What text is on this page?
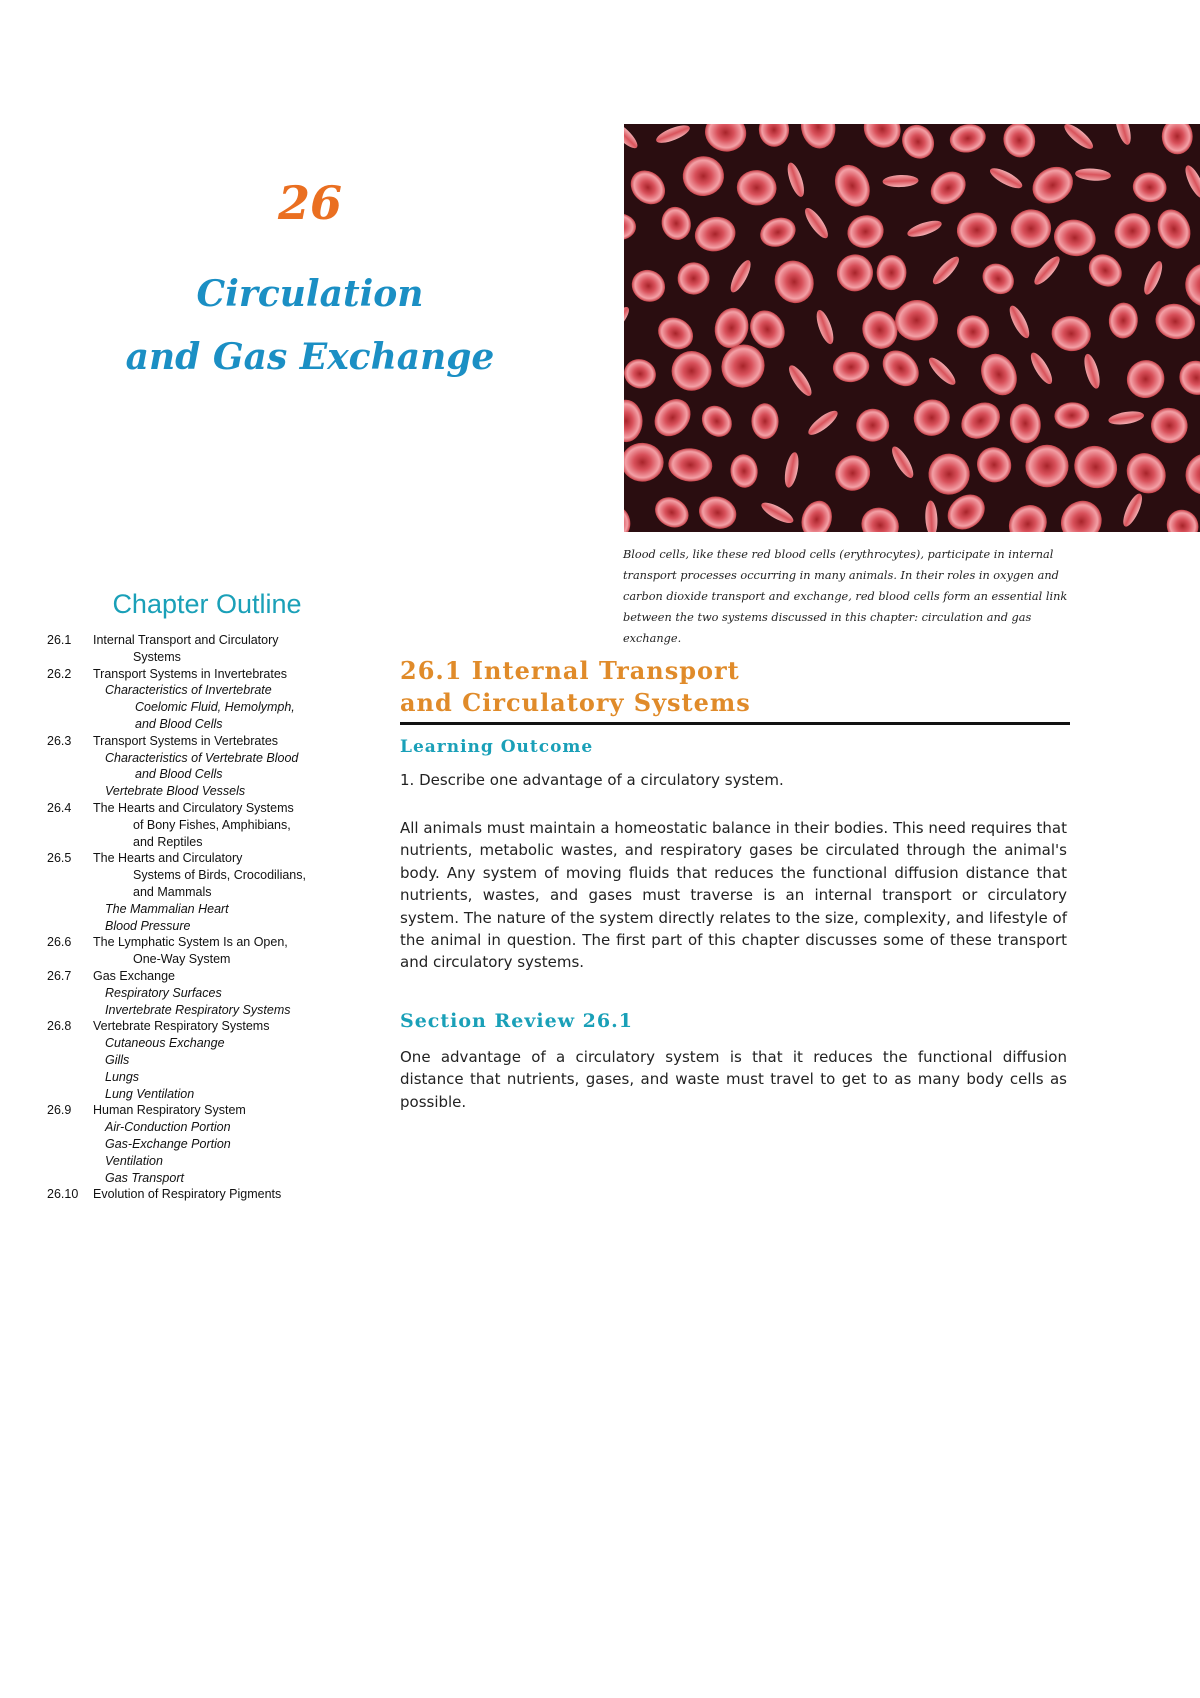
26
Circulation
and Gas Exchange

Blood cells, like these red blood cells (erythrocytes), participate in internal transport processes occurring in many animals. In their roles in oxygen and carbon dioxide transport and exchange, red blood cells form an essential link between the two systems discussed in this chapter: circulation and gas exchange.

Chapter Outline
26.1 Internal Transport and Circulatory
Systems
26.2 Transport Systems in Invertebrates
Characteristics of Invertebrate
Coelomic Fluid, Hemolymph,
and Blood Cells
26.3 Transport Systems in Vertebrates
Characteristics of Vertebrate Blood
and Blood Cells
Vertebrate Blood Vessels
26.4 The Hearts and Circulatory Systems
of Bony Fishes, Amphibians,
and Reptiles
26.5 The Hearts and Circulatory
Systems of Birds, Crocodilians,
and Mammals
The Mammalian Heart
Blood Pressure
26.6 The Lymphatic System Is an Open,
One-Way System
26.7 Gas Exchange
Respiratory Surfaces
Invertebrate Respiratory Systems
26.8 Vertebrate Respiratory Systems
Cutaneous Exchange
Gills
Lungs
Lung Ventilation
26.9 Human Respiratory System
Air-Conduction Portion
Gas-Exchange Portion
Ventilation
Gas Transport
26.10 Evolution of Respiratory Pigments
26.1 Internal Transport
and Circulatory Systems
Learning Outcome

1. Describe one advantage of a circulatory system.

All animals must maintain a homeostatic balance in their bodies. This need requires that nutrients, metabolic wastes, and respiratory gases be circulated through the animal's body. Any system of moving fluids that reduces the functional diffusion distance that nutrients, wastes, and gases must traverse is an internal transport or circulatory system. The nature of the system directly relates to the size, complexity, and lifestyle of the animal in question. The first part of this chapter discusses some of these transport and circulatory systems.

Section Review 26.1

One advantage of a circulatory system is that it reduces the functional diffusion distance that nutrients, gases, and waste must travel to get to as many body cells as possible.
